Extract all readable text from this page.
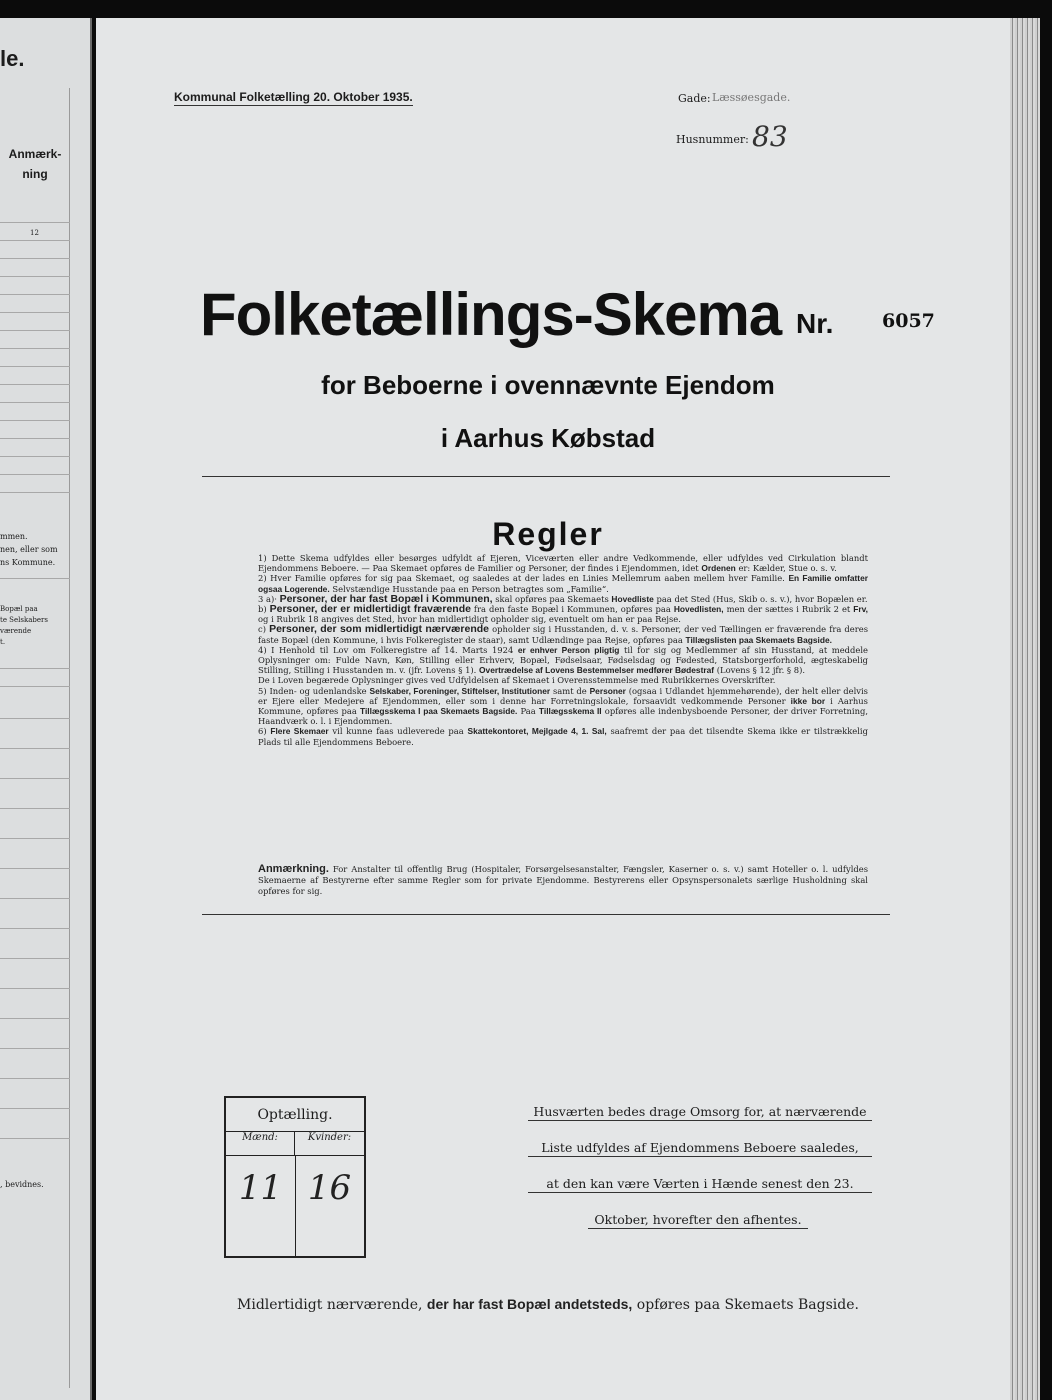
le.
Anmærk-
ning
12
mmen.
nen, eller som
ns Kommune.
Bopæl paa
te Selskabers
værende
t.
, bevidnes.
Kommunal Folketælling 20. Oktober 1935.	Gade: Læssøesgade.
Husnummer: 83
Folketællings-Skema Nr.	6057
for Beboerne i ovennævnte Ejendom
i Aarhus Købstad
Regler

1) Dette Skema udfyldes eller besørges udfyldt af Ejeren, Viceværten eller andre Vedkommende, eller udfyldes ved Cirkulation blandt Ejendommens Beboere. — Paa Skemaet opføres de Familier og Personer, der findes i Ejendommen, idet Ordenen er: Kælder, Stue o. s. v.

2) Hver Familie opføres for sig paa Skemaet, og saaledes at der lades en Linies Mellemrum aaben mellem hver Familie. En Familie omfatter ogsaa Logerende. Selvstændige Husstande paa en Person betragtes som „Familie“.

3 a)· Personer, der har fast Bopæl i Kommunen, skal opføres paa Skemaets Hovedliste paa det Sted (Hus, Skib o. s. v.), hvor Bopælen er.

b) Personer, der er midlertidigt fraværende fra den faste Bopæl i Kommunen, opføres paa Hovedlisten, men der sættes i Rubrik 2 et Frv, og i Rubrik 18 angives det Sted, hvor han midlertidigt opholder sig, eventuelt om han er paa Rejse.

c) Personer, der som midlertidigt nærværende opholder sig i Husstanden, d. v. s. Personer, der ved Tællingen er fraværende fra deres faste Bopæl (den Kommune, i hvis Folkeregister de staar), samt Udlændinge paa Rejse, opføres paa Tillægslisten paa Skemaets Bagside.

4) I Henhold til Lov om Folkeregistre af 14. Marts 1924 er enhver Person pligtig til for sig og Medlemmer af sin Husstand, at meddele Oplysninger om: Fulde Navn, Køn, Stilling eller Erhverv, Bopæl, Fødselsaar, Fødselsdag og Fødested, Statsborgerforhold, ægteskabelig Stilling, Stilling i Husstanden m. v. (jfr. Lovens § 1). Overtrædelse af Lovens Bestemmelser medfører Bødestraf (Lovens § 12 jfr. § 8).

De i Loven begærede Oplysninger gives ved Udfyldelsen af Skemaet i Overensstemmelse med Rubrikkernes Overskrifter.

5) Inden- og udenlandske Selskaber, Foreninger, Stiftelser, Institutioner samt de Personer (ogsaa i Udlandet hjemmehørende), der helt eller delvis er Ejere eller Medejere af Ejendommen, eller som i denne har Forretningslokale, forsaavidt vedkommende Personer ikke bor i Aarhus Kommune, opføres paa Tillægsskema I paa Skemaets Bagside. Paa Tillægsskema II opføres alle indenbysboende Personer, der driver Forretning, Haandværk o. l. i Ejendommen.

6) Flere Skemaer vil kunne faas udleverede paa Skattekontoret, Mejlgade 4, 1. Sal, saafremt der paa det tilsendte Skema ikke er tilstrækkelig Plads til alle Ejendommens Beboere.

Anmærkning. For Anstalter til offentlig Brug (Hospitaler, Forsørgelsesanstalter, Fængsler, Kaserner o. s. v.) samt Hoteller o. l. udfyldes Skemaerne af Bestyrerne efter samme Regler som for private Ejendomme. Bestyrerens eller Opsynspersonalets særlige Husholdning skal opføres for sig.
Optælling.
Mænd:	Kvinder:
11 16
Husværten bedes drage Omsorg for, at nærværende
Liste udfyldes af Ejendommens Beboere saaledes,
at den kan være Værten i Hænde senest den 23.
Oktober, hvorefter den afhentes.
Midlertidigt nærværende, der har fast Bopæl andetsteds, opføres paa Skemaets Bagside.
